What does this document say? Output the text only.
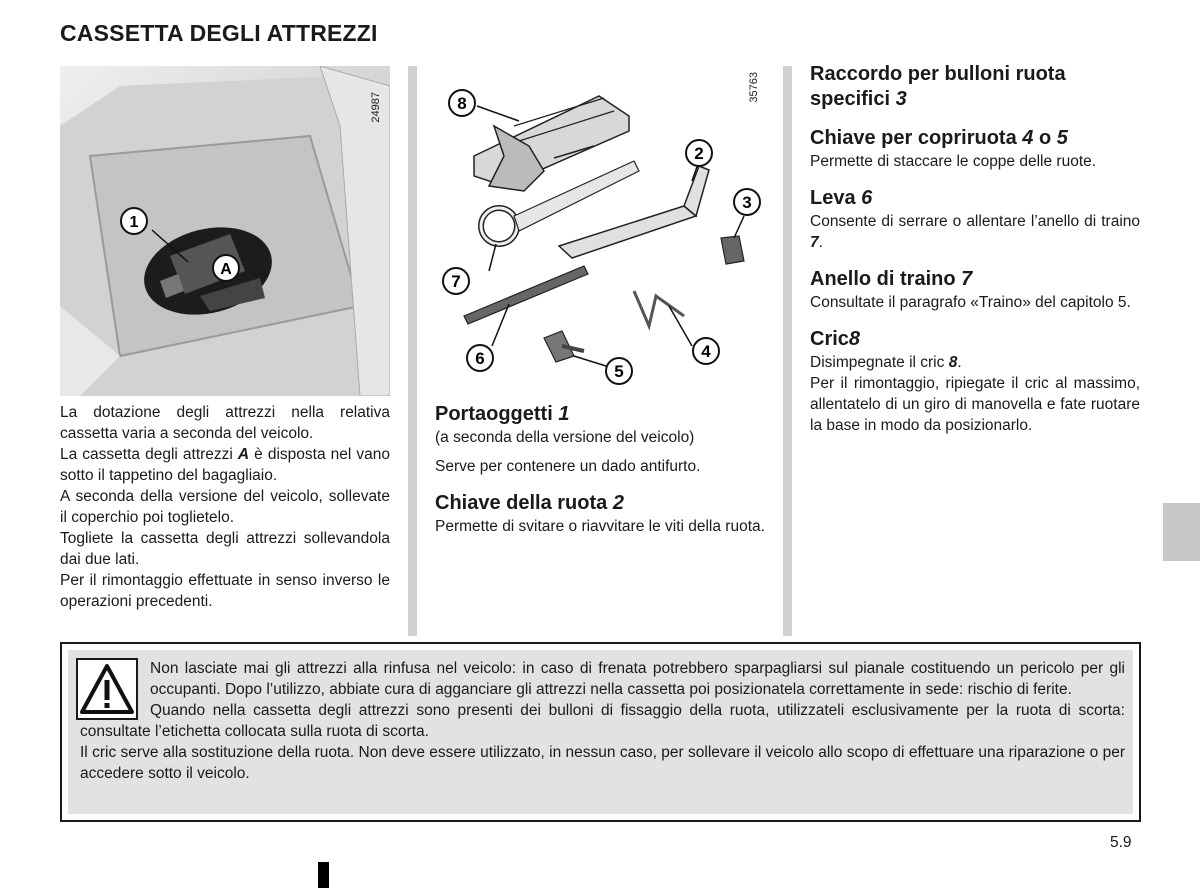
CASSETTA DEGLI ATTREZZI
1
A
24987	8
2
3
7
4
6
5
35763

La dotazione degli attrezzi nella relativa cassetta varia a seconda del veicolo.

La cassetta degli attrezzi A è disposta nel vano sotto il tappetino del bagagliaio.

A seconda della versione del veicolo, sollevate il coperchio poi toglietelo.

Togliete la cassetta degli attrezzi sollevandola dai due lati.

Per il rimontaggio effettuate in senso inverso le operazioni precedenti.

Portaoggetti 1
(a seconda della versione del veicolo)
Serve per contenere un dado antifurto.
Chiave della ruota 2
Permette di svitare o riavvitare le viti della ruota.
Raccordo per bulloni ruota specifici 3
Chiave per copriruota 4 o 5
Permette di staccare le coppe delle ruote.
Leva 6
Consente di serrare o allentare l’anello di traino 7.
Anello di traino 7
Consultate il paragrafo «Traino» del capitolo 5.
Cric8
Disimpegnate il cric 8.
Per il rimontaggio, ripiegate il cric al massimo, allentatelo di un giro di manovella e fate ruotare la base in modo da posizionarlo.

Non lasciate mai gli attrezzi alla rinfusa nel veicolo: in caso di frenata potrebbero sparpagliarsi sul pianale costituendo un pericolo per gli occupanti. Dopo l’utilizzo, abbiate cura di agganciare gli attrezzi nella cassetta poi posizionatela correttamente in sede: rischio di ferite.

Quando nella cassetta degli attrezzi sono presenti dei bulloni di fissaggio della ruota, utilizzateli esclusivamente per la ruota di scorta: consultate l’etichetta collocata sulla ruota di scorta.

Il cric serve alla sostituzione della ruota. Non deve essere utilizzato, in nessun caso, per sollevare il veicolo allo scopo di effettuare una riparazione o per accedere sotto il veicolo.

5.9
